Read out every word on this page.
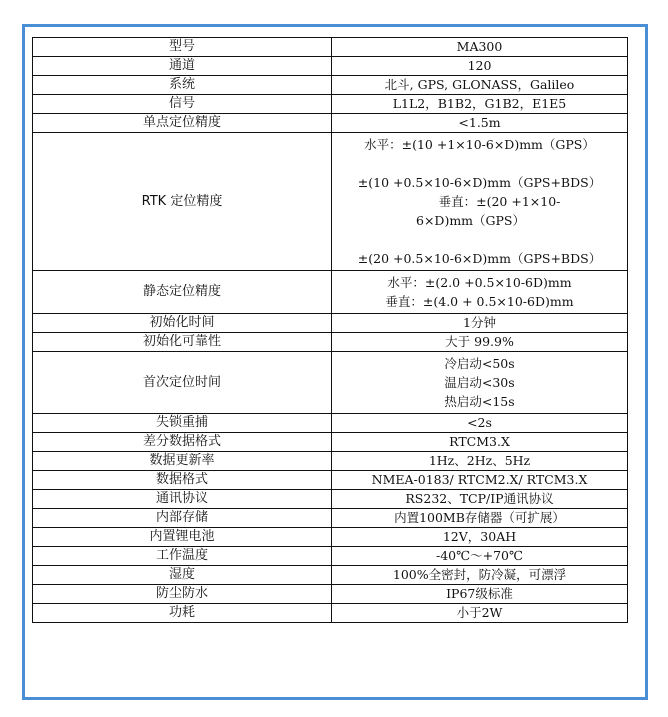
型号	MA300
通道	120
系统	北斗, GPS, GLONASS，Galileo
信号	L1L2，B1B2，G1B2，E1E5
单点定位精度	<1.5m
RTK 定位精度	水平：±(10 +1×10-6×D)mm（GPS）
±(10 +0.5×10-6×D)mm（GPS+BDS）
垂直：±(20 +1×10-
6×D)mm（GPS）
±(20 +0.5×10-6×D)mm（GPS+BDS）

静态定位精度	水平：±(2.0 +0.5×10-6D)mm
垂直：±(4.0 + 0.5×10-6D)mm

初始化时间	1分钟
初始化可靠性	大于 99.9%
首次定位时间	冷启动<50s
温启动<30s
热启动<15s

失锁重捕	<2s
差分数据格式	RTCM3.X
数据更新率	1Hz、2Hz、5Hz
数据格式	NMEA-0183/ RTCM2.X/ RTCM3.X
通讯协议	RS232、TCP/IP通讯协议
内部存储	内置100MB存储器（可扩展）
内置锂电池	12V，30AH
工作温度	-40℃～+70℃
湿度	100%全密封，防冷凝，可漂浮
防尘防水	IP67级标准
功耗	小于2W
